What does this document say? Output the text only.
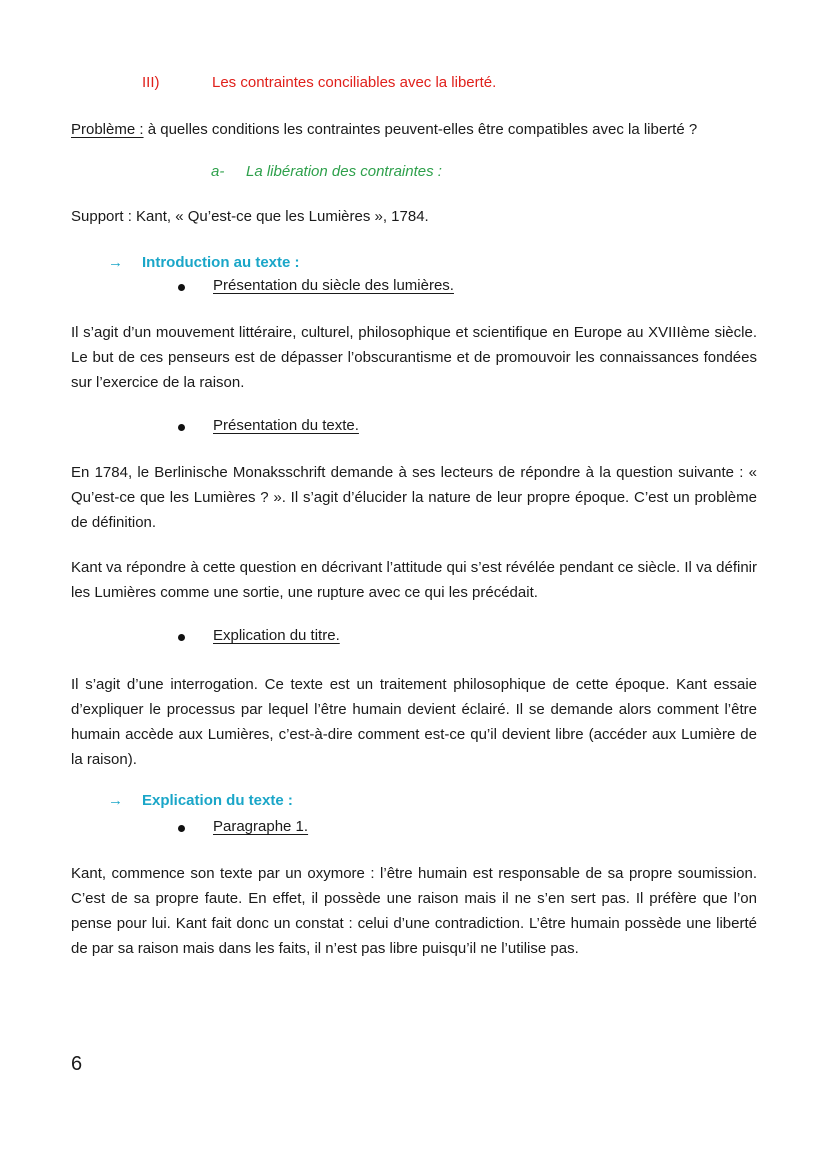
III)	Les contraintes conciliables avec la liberté.
Problème : à quelles conditions les contraintes peuvent-elles être compatibles avec la liberté ?
a- La libération des contraintes :
Support : Kant, « Qu’est-ce que les Lumières », 1784.
→ Introduction au texte :
Présentation du siècle des lumières.

Il s’agit d’un mouvement littéraire, culturel, philosophique et scientifique en Europe au XVIIIème siècle. Le but de ces penseurs est de dépasser l’obscurantisme et de promouvoir les connaissances fondées sur l’exercice de la raison.

Présentation du texte.

En 1784, le Berlinische Monaksschrift demande à ses lecteurs de répondre à la question suivante : « Qu’est-ce que les Lumières ? ». Il s’agit d’élucider la nature de leur propre époque. C’est un problème de définition.

Kant va répondre à cette question en décrivant l’attitude qui s’est révélée pendant ce siècle. Il va définir les Lumières comme une sortie, une rupture avec ce qui les précédait.

Explication du titre.

Il s’agit d’une interrogation. Ce texte est un traitement philosophique de cette époque. Kant essaie d’expliquer le processus par lequel l’être humain devient éclairé. Il se demande alors comment l’être humain accède aux Lumières, c’est-à-dire comment est-ce qu’il devient libre (accéder aux Lumière de la raison).

→ Explication du texte :
Paragraphe 1.

Kant, commence son texte par un oxymore : l’être humain est responsable de sa propre soumission. C’est de sa propre faute. En effet, il possède une raison mais il ne s’en sert pas. Il préfère que l’on pense pour lui. Kant fait donc un constat : celui d’une contradiction. L’être humain possède une liberté de par sa raison mais dans les faits, il n’est pas libre puisqu’il ne l’utilise pas.

6
